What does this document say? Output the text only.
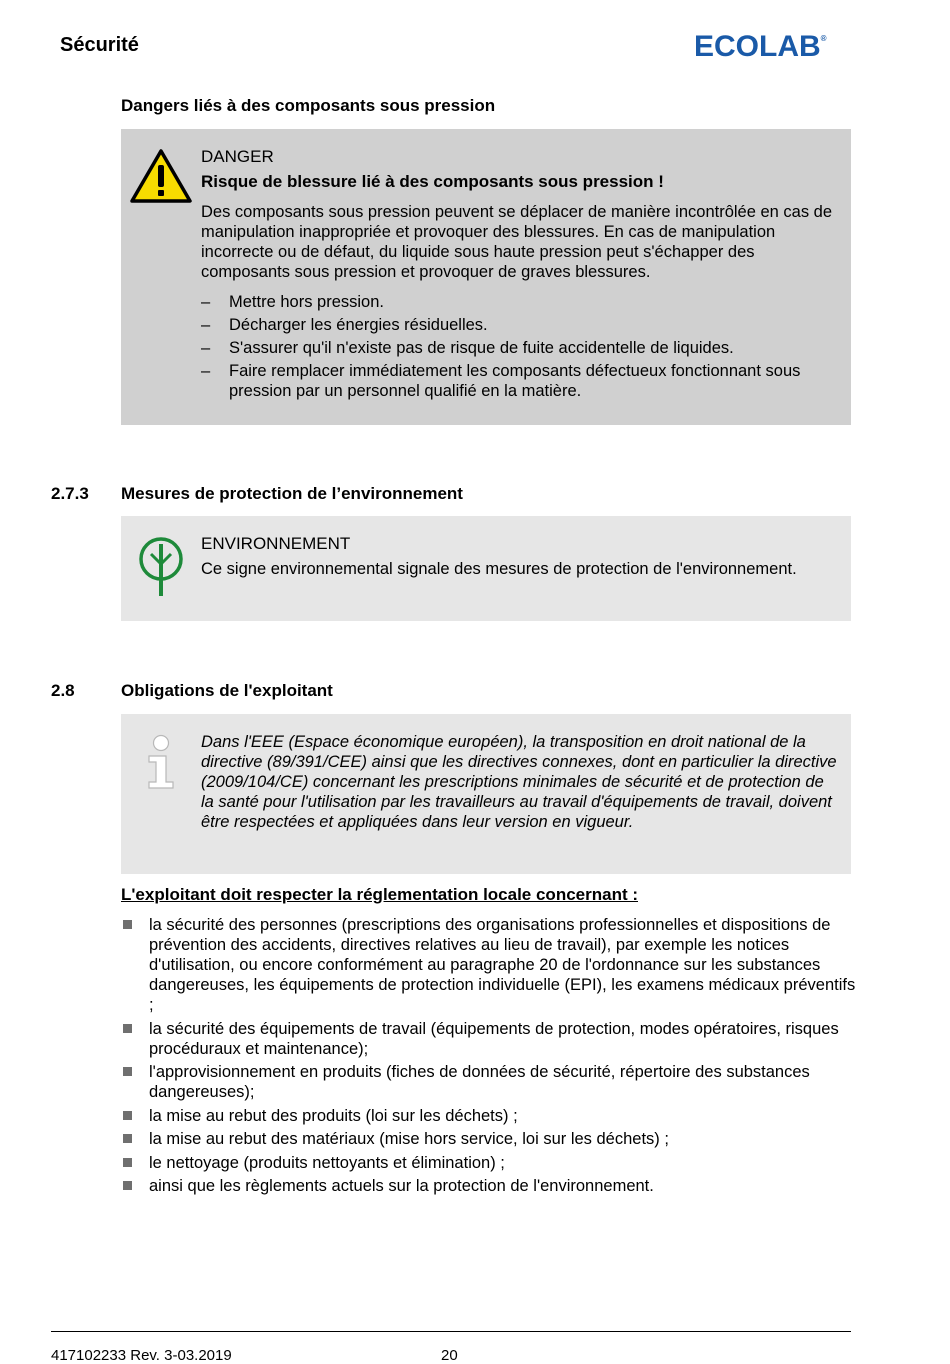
Sécurité	ECOLAB®
Dangers liés à des composants sous pression
DANGER
Risque de blessure lié à des composants sous pression !
Des composants sous pression peuvent se déplacer de manière incontrôlée en cas de manipulation inappropriée et provoquer des blessures. En cas de manipulation incorrecte ou de défaut, du liquide sous haute pression peut s'échapper des composants sous pression et provoquer de graves blessures.
– Mettre hors pression.
– Décharger les énergies résiduelles.
– S'assurer qu'il n'existe pas de risque de fuite accidentelle de liquides.
– Faire remplacer immédiatement les composants défectueux fonctionnant sous pression par un personnel qualifié en la matière.
2.7.3 Mesures de protection de l’environnement
ENVIRONNEMENT
Ce signe environnemental signale des mesures de protection de l'environnement.
2.8	Obligations de l'exploitant
Dans l'EEE (Espace économique européen), la transposition en droit national de la directive (89/391/CEE) ainsi que les directives connexes, dont en particulier la directive (2009/104/CE) concernant les prescriptions minimales de sécurité et de protection de la santé pour l'utilisation par les travailleurs au travail d'équipements de travail, doivent être respectées et appliquées dans leur version en vigueur.
L'exploitant doit respecter la réglementation locale concernant :
la sécurité des personnes (prescriptions des organisations professionnelles et dispositions de prévention des accidents, directives relatives au lieu de travail), par exemple les notices d'utilisation, ou encore conformément au paragraphe 20 de l'ordonnance sur les substances dangereuses, les équipements de protection individuelle (EPI), les examens médicaux préventifs ;
la sécurité des équipements de travail (équipements de protection, modes opératoires, risques procéduraux et maintenance);
l'approvisionnement en produits (fiches de données de sécurité, répertoire des substances dangereuses);
la mise au rebut des produits (loi sur les déchets) ;
la mise au rebut des matériaux (mise hors service, loi sur les déchets) ;
le nettoyage (produits nettoyants et élimination) ;
ainsi que les règlements actuels sur la protection de l'environnement.
417102233 Rev. 3-03.2019	20
